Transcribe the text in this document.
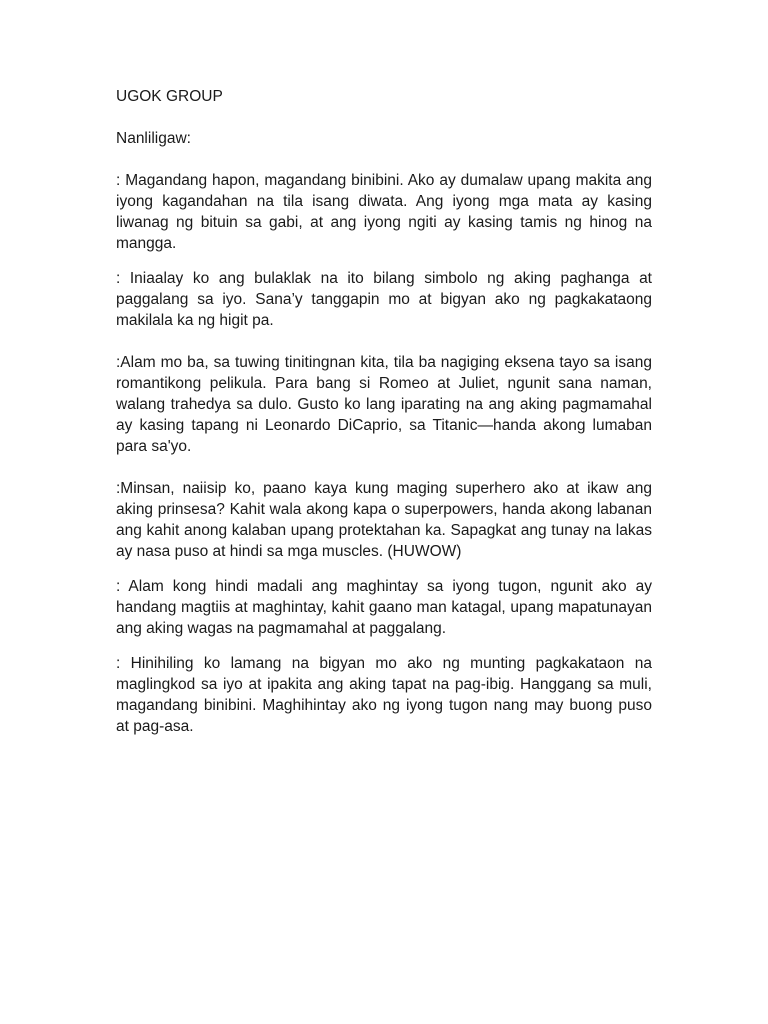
UGOK GROUP

Nanliligaw:

: Magandang hapon, magandang binibini. Ako ay dumalaw upang makita ang iyong kagandahan na tila isang diwata. Ang iyong mga mata ay kasing liwanag ng bituin sa gabi, at ang iyong ngiti ay kasing tamis ng hinog na mangga.

: Iniaalay ko ang bulaklak na ito bilang simbolo ng aking paghanga at paggalang sa iyo. Sana’y tanggapin mo at bigyan ako ng pagkakataong makilala ka ng higit pa.

:Alam mo ba, sa tuwing tinitingnan kita, tila ba nagiging eksena tayo sa isang romantikong pelikula. Para bang si Romeo at Juliet, ngunit sana naman, walang trahedya sa dulo. Gusto ko lang iparating na ang aking pagmamahal ay kasing tapang ni Leonardo DiCaprio, sa Titanic—handa akong lumaban para sa'yo.

:Minsan, naiisip ko, paano kaya kung maging superhero ako at ikaw ang aking prinsesa? Kahit wala akong kapa o superpowers, handa akong labanan ang kahit anong kalaban upang protektahan ka. Sapagkat ang tunay na lakas ay nasa puso at hindi sa mga muscles. (HUWOW)

: Alam kong hindi madali ang maghintay sa iyong tugon, ngunit ako ay handang magtiis at maghintay, kahit gaano man katagal, upang mapatunayan ang aking wagas na pagmamahal at paggalang.

: Hinihiling ko lamang na bigyan mo ako ng munting pagkakataon na maglingkod sa iyo at ipakita ang aking tapat na pag-ibig. Hanggang sa muli, magandang binibini. Maghihintay ako ng iyong tugon nang may buong puso at pag-asa.
